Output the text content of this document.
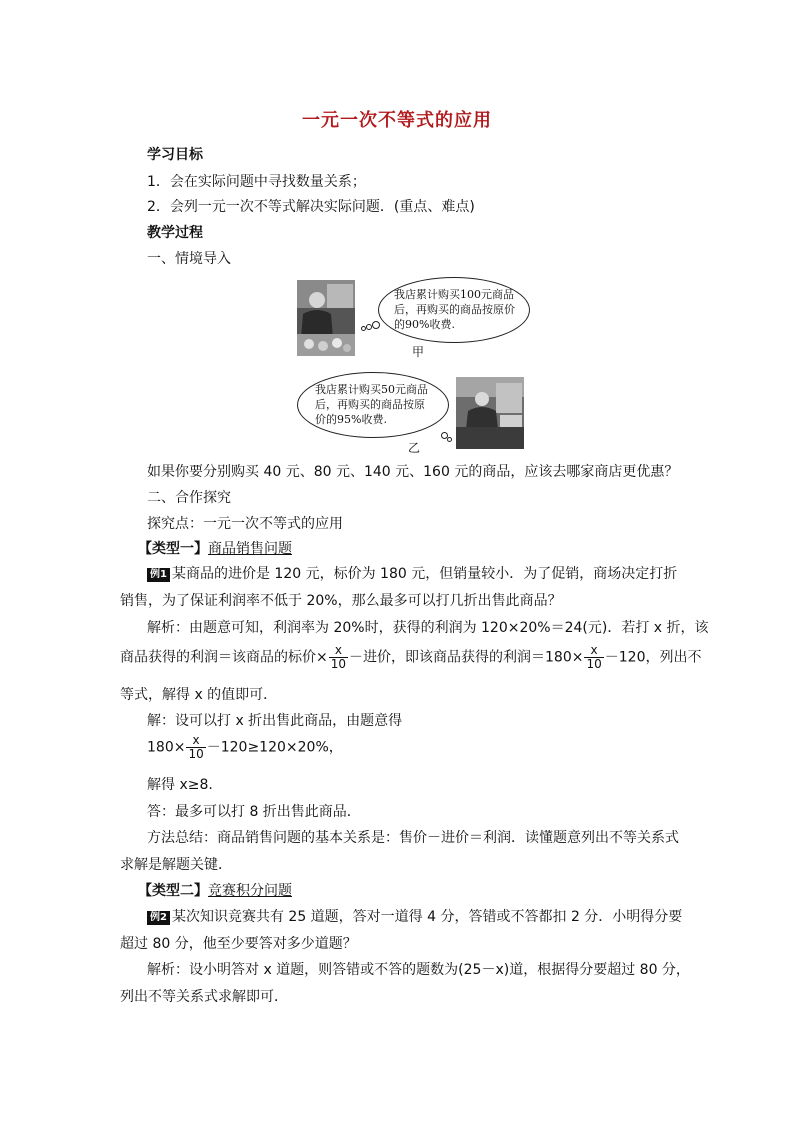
一元一次不等式的应用
学习目标
1．会在实际问题中寻找数量关系；
2．会列一元一次不等式解决实际问题．(重点、难点)
教学过程
一、情境导入
我店累计购买100元商品后，再购买的商品按原价的90%收费.
甲
我店累计购买50元商品后，再购买的商品按原价的95%收费.
乙
如果你要分别购买 40 元、80 元、140 元、160 元的商品，应该去哪家商店更优惠？
二、合作探究
探究点：一元一次不等式的应用
【类型一】商品销售问题
例1 某商品的进价是 120 元，标价为 180 元，但销量较小．为了促销，商场决定打折
销售，为了保证利润率不低于 20%，那么最多可以打几折出售此商品？
解析：由题意可知，利润率为 20%时，获得的利润为 120×20%＝24(元)．若打 x 折，该
商品获得的利润＝该商品的标价× $\frac{x}{10}$ －进价，即该商品获得的利润$=180\times \frac{x}{10} -120$，列出不
等式，解得 x 的值即可．
解：设可以打 x 折出售此商品，由题意得
$180\times \frac{x}{10} -120\ge 120\times 20\%$，
解得 x≥8.
答：最多可以打 8 折出售此商品．
方法总结：商品销售问题的基本关系是：售价－进价＝利润．读懂题意列出不等关系式
求解是解题关键．
【类型二】竞赛积分问题
例2 某次知识竞赛共有 25 道题，答对一道得 4 分，答错或不答都扣 2 分．小明得分要
超过 80 分，他至少要答对多少道题？
解析：设小明答对 x 道题，则答错或不答的题数为(25－x)道，根据得分要超过 80 分，
列出不等关系式求解即可．
